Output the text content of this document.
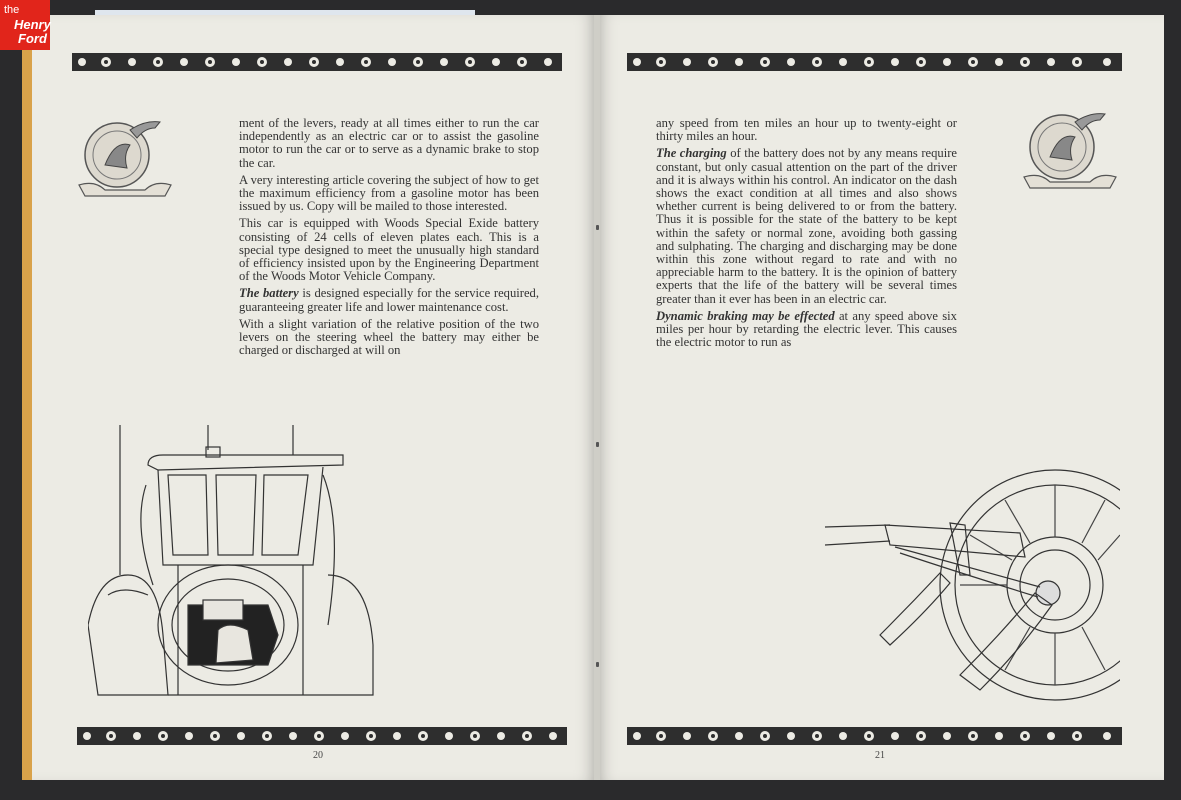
the
Henry
Ford

ment of the levers, ready at all times either to run the car independently as an electric car or to assist the gasoline motor to run the car or to serve as a dynamic brake to stop the car.

A very interesting article covering the subject of how to get the maximum efficiency from a gasoline motor has been issued by us. Copy will be mailed to those interested.

This car is equipped with Woods Special Exide battery consisting of 24 cells of eleven plates each. This is a special type designed to meet the unusually high standard of efficiency insisted upon by the Engineering Department of the Woods Motor Vehicle Company.

The battery is designed especially for the service required, guaranteeing greater life and lower maintenance cost.

With a slight variation of the relative position of the two levers on the steering wheel the battery may either be charged or discharged at will on

any speed from ten miles an hour up to twenty-eight or thirty miles an hour.

The charging of the battery does not by any means require constant, but only casual attention on the part of the driver and it is always within his control. An indicator on the dash shows the exact condition at all times and also shows whether current is being delivered to or from the battery. Thus it is possible for the state of the battery to be kept within the safety or normal zone, avoiding both gassing and sulphating. The charging and discharging may be done within this zone without regard to rate and with no appreciable harm to the battery. It is the opinion of battery experts that the life of the battery will be several times greater than it ever has been in an electric car.

Dynamic braking may be effected at any speed above six miles per hour by retarding the electric lever. This causes the electric motor to run as

20	21
